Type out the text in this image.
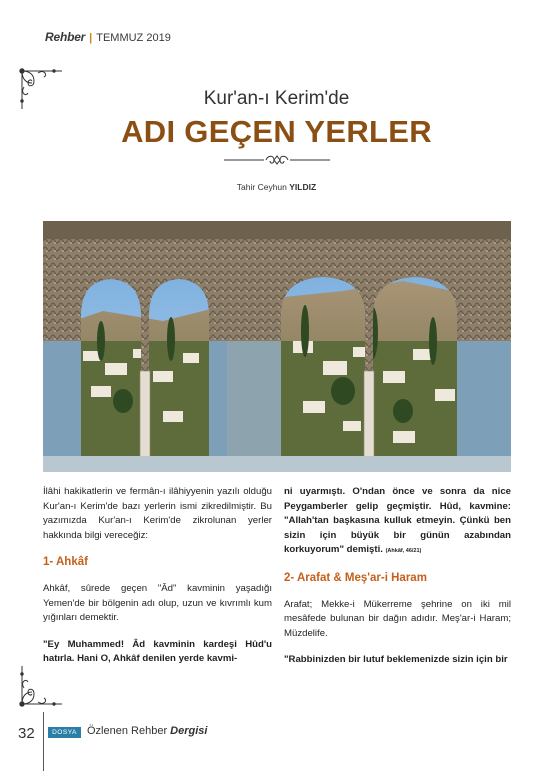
Rehber | TEMMUZ 2019
Kur'an-ı Kerim'de
ADI GEÇEN YERLER
Tahir Ceyhun YILDIZ

İlâhi hakikatlerin ve fermân-ı ilâhiyyenin yazılı olduğu Kur'an-ı Kerim'de bazı yerlerin ismi zikredilmiştir. Bu yazımızda Kur'an-ı Kerim'de zikrolunan yerler hakkında bilgi vereceğiz:

1- Ahkâf

Ahkâf, sûrede geçen "Âd" kavminin yaşadığı Yemen'de bir bölgenin adı olup, uzun ve kıvrımlı kum yığınları demektir.

"Ey Muhammed! Âd kavminin kardeşi Hûd'u hatırla. Hani O, Ahkâf denilen yerde kavmi-

ni uyarmıştı. O'ndan önce ve sonra da nice Peygamberler gelip geçmiştir. Hûd, kavmine: "Allah'tan başkasına kulluk etmeyin. Çünkü ben sizin için büyük bir günün azabından korkuyorum" demişti. (Ahkâf, 46/21)

2- Arafat & Meş'ar-i Haram

Arafat; Mekke-i Mükerreme şehrine on iki mil mesâfede bulunan bir dağın adıdır. Meş'ar-i Haram; Müzdelife.

"Rabbinizden bir lutuf beklemenizde sizin için bir

32	DOSYA Özlenen Rehber Dergisi
